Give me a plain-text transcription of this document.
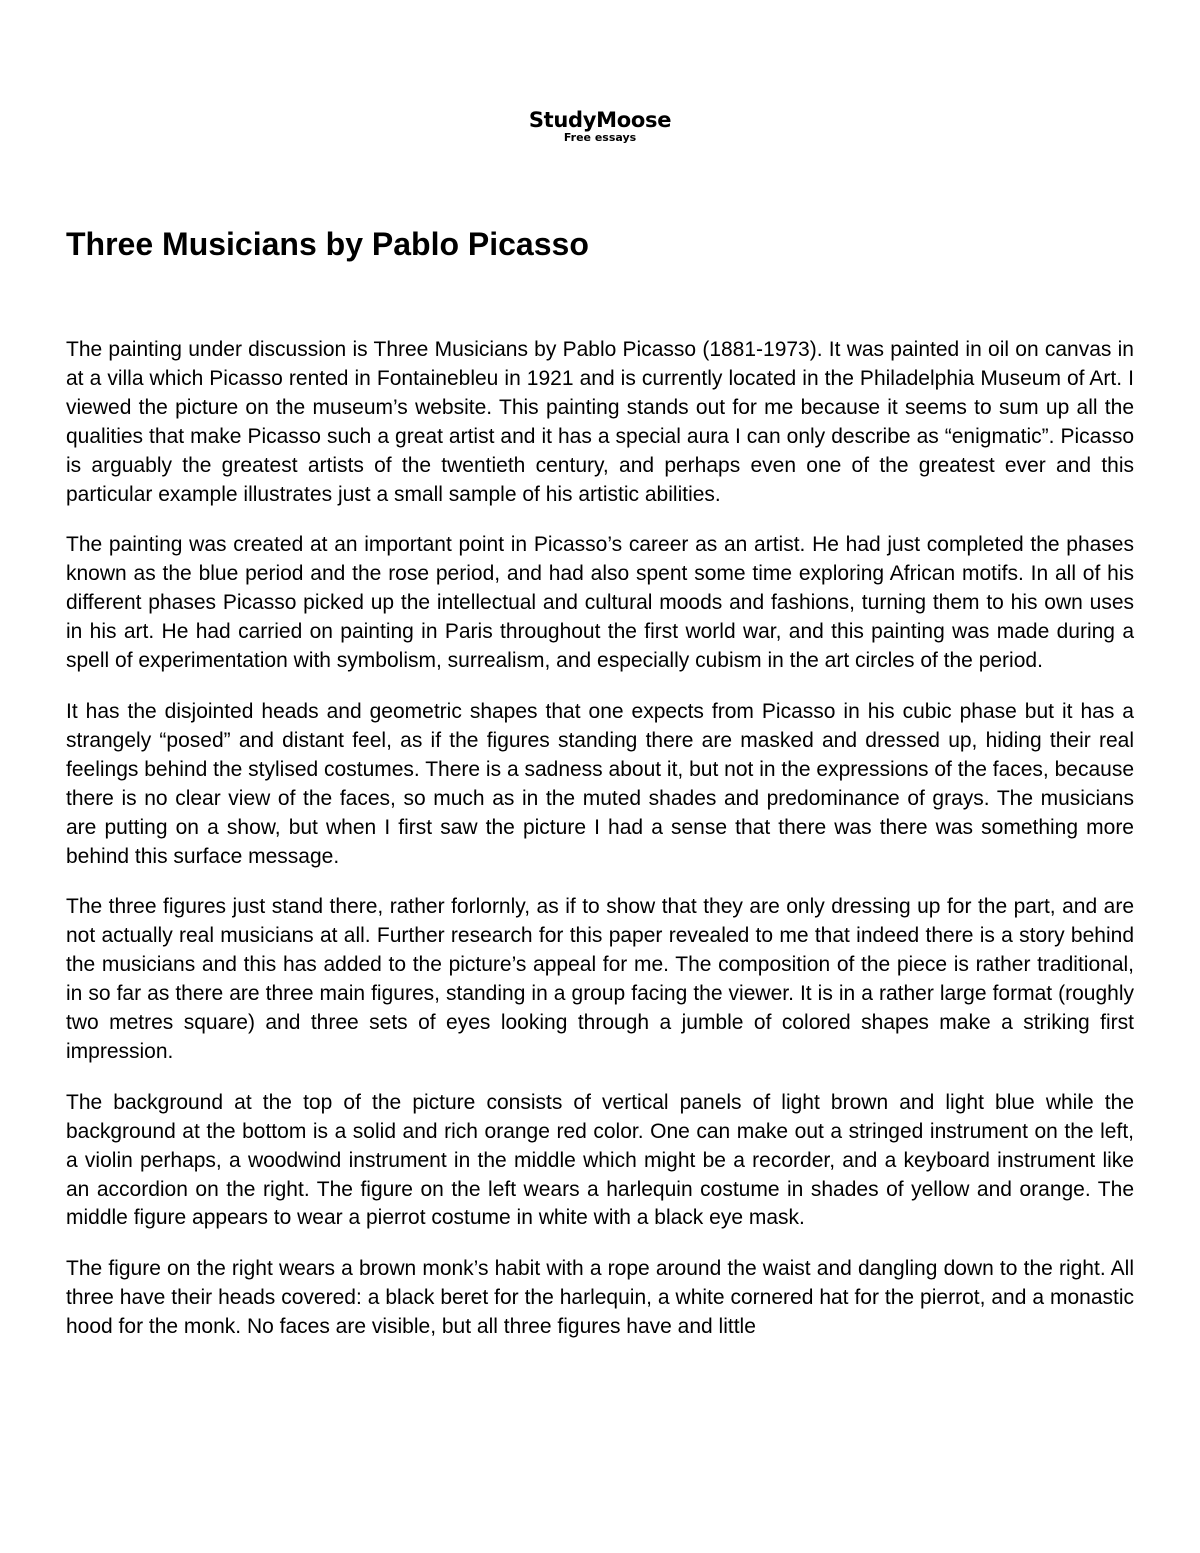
StudyMoose
Free essays
Three Musicians by Pablo Picasso

The painting under discussion is Three Musicians by Pablo Picasso (1881-1973). It was painted in oil on canvas in at a villa which Picasso rented in Fontainebleu in 1921 and is currently located in the Philadelphia Museum of Art. I viewed the picture on the museum’s website. This painting stands out for me because it seems to sum up all the qualities that make Picasso such a great artist and it has a special aura I can only describe as “enigmatic”. Picasso is arguably the greatest artists of the twentieth century, and perhaps even one of the greatest ever and this particular example illustrates just a small sample of his artistic abilities.

The painting was created at an important point in Picasso’s career as an artist. He had just completed the phases known as the blue period and the rose period, and had also spent some time exploring African motifs. In all of his different phases Picasso picked up the intellectual and cultural moods and fashions, turning them to his own uses in his art. He had carried on painting in Paris throughout the first world war, and this painting was made during a spell of experimentation with symbolism, surrealism, and especially cubism in the art circles of the period.

It has the disjointed heads and geometric shapes that one expects from Picasso in his cubic phase but it has a strangely “posed” and distant feel, as if the figures standing there are masked and dressed up, hiding their real feelings behind the stylised costumes. There is a sadness about it, but not in the expressions of the faces, because there is no clear view of the faces, so much as in the muted shades and predominance of grays. The musicians are putting on a show, but when I first saw the picture I had a sense that there was there was something more behind this surface message.

The three figures just stand there, rather forlornly, as if to show that they are only dressing up for the part, and are not actually real musicians at all. Further research for this paper revealed to me that indeed there is a story behind the musicians and this has added to the picture’s appeal for me. The composition of the piece is rather traditional, in so far as there are three main figures, standing in a group facing the viewer. It is in a rather large format (roughly two metres square) and three sets of eyes looking through a jumble of colored shapes make a striking first impression.

The background at the top of the picture consists of vertical panels of light brown and light blue while the background at the bottom is a solid and rich orange red color. One can make out a stringed instrument on the left, a violin perhaps, a woodwind instrument in the middle which might be a recorder, and a keyboard instrument like an accordion on the right. The figure on the left wears a harlequin costume in shades of yellow and orange. The middle figure appears to wear a pierrot costume in white with a black eye mask.

The figure on the right wears a brown monk’s habit with a rope around the waist and dangling down to the right. All three have their heads covered: a black beret for the harlequin, a white cornered hat for the pierrot, and a monastic hood for the monk. No faces are visible, but all three figures have and little
